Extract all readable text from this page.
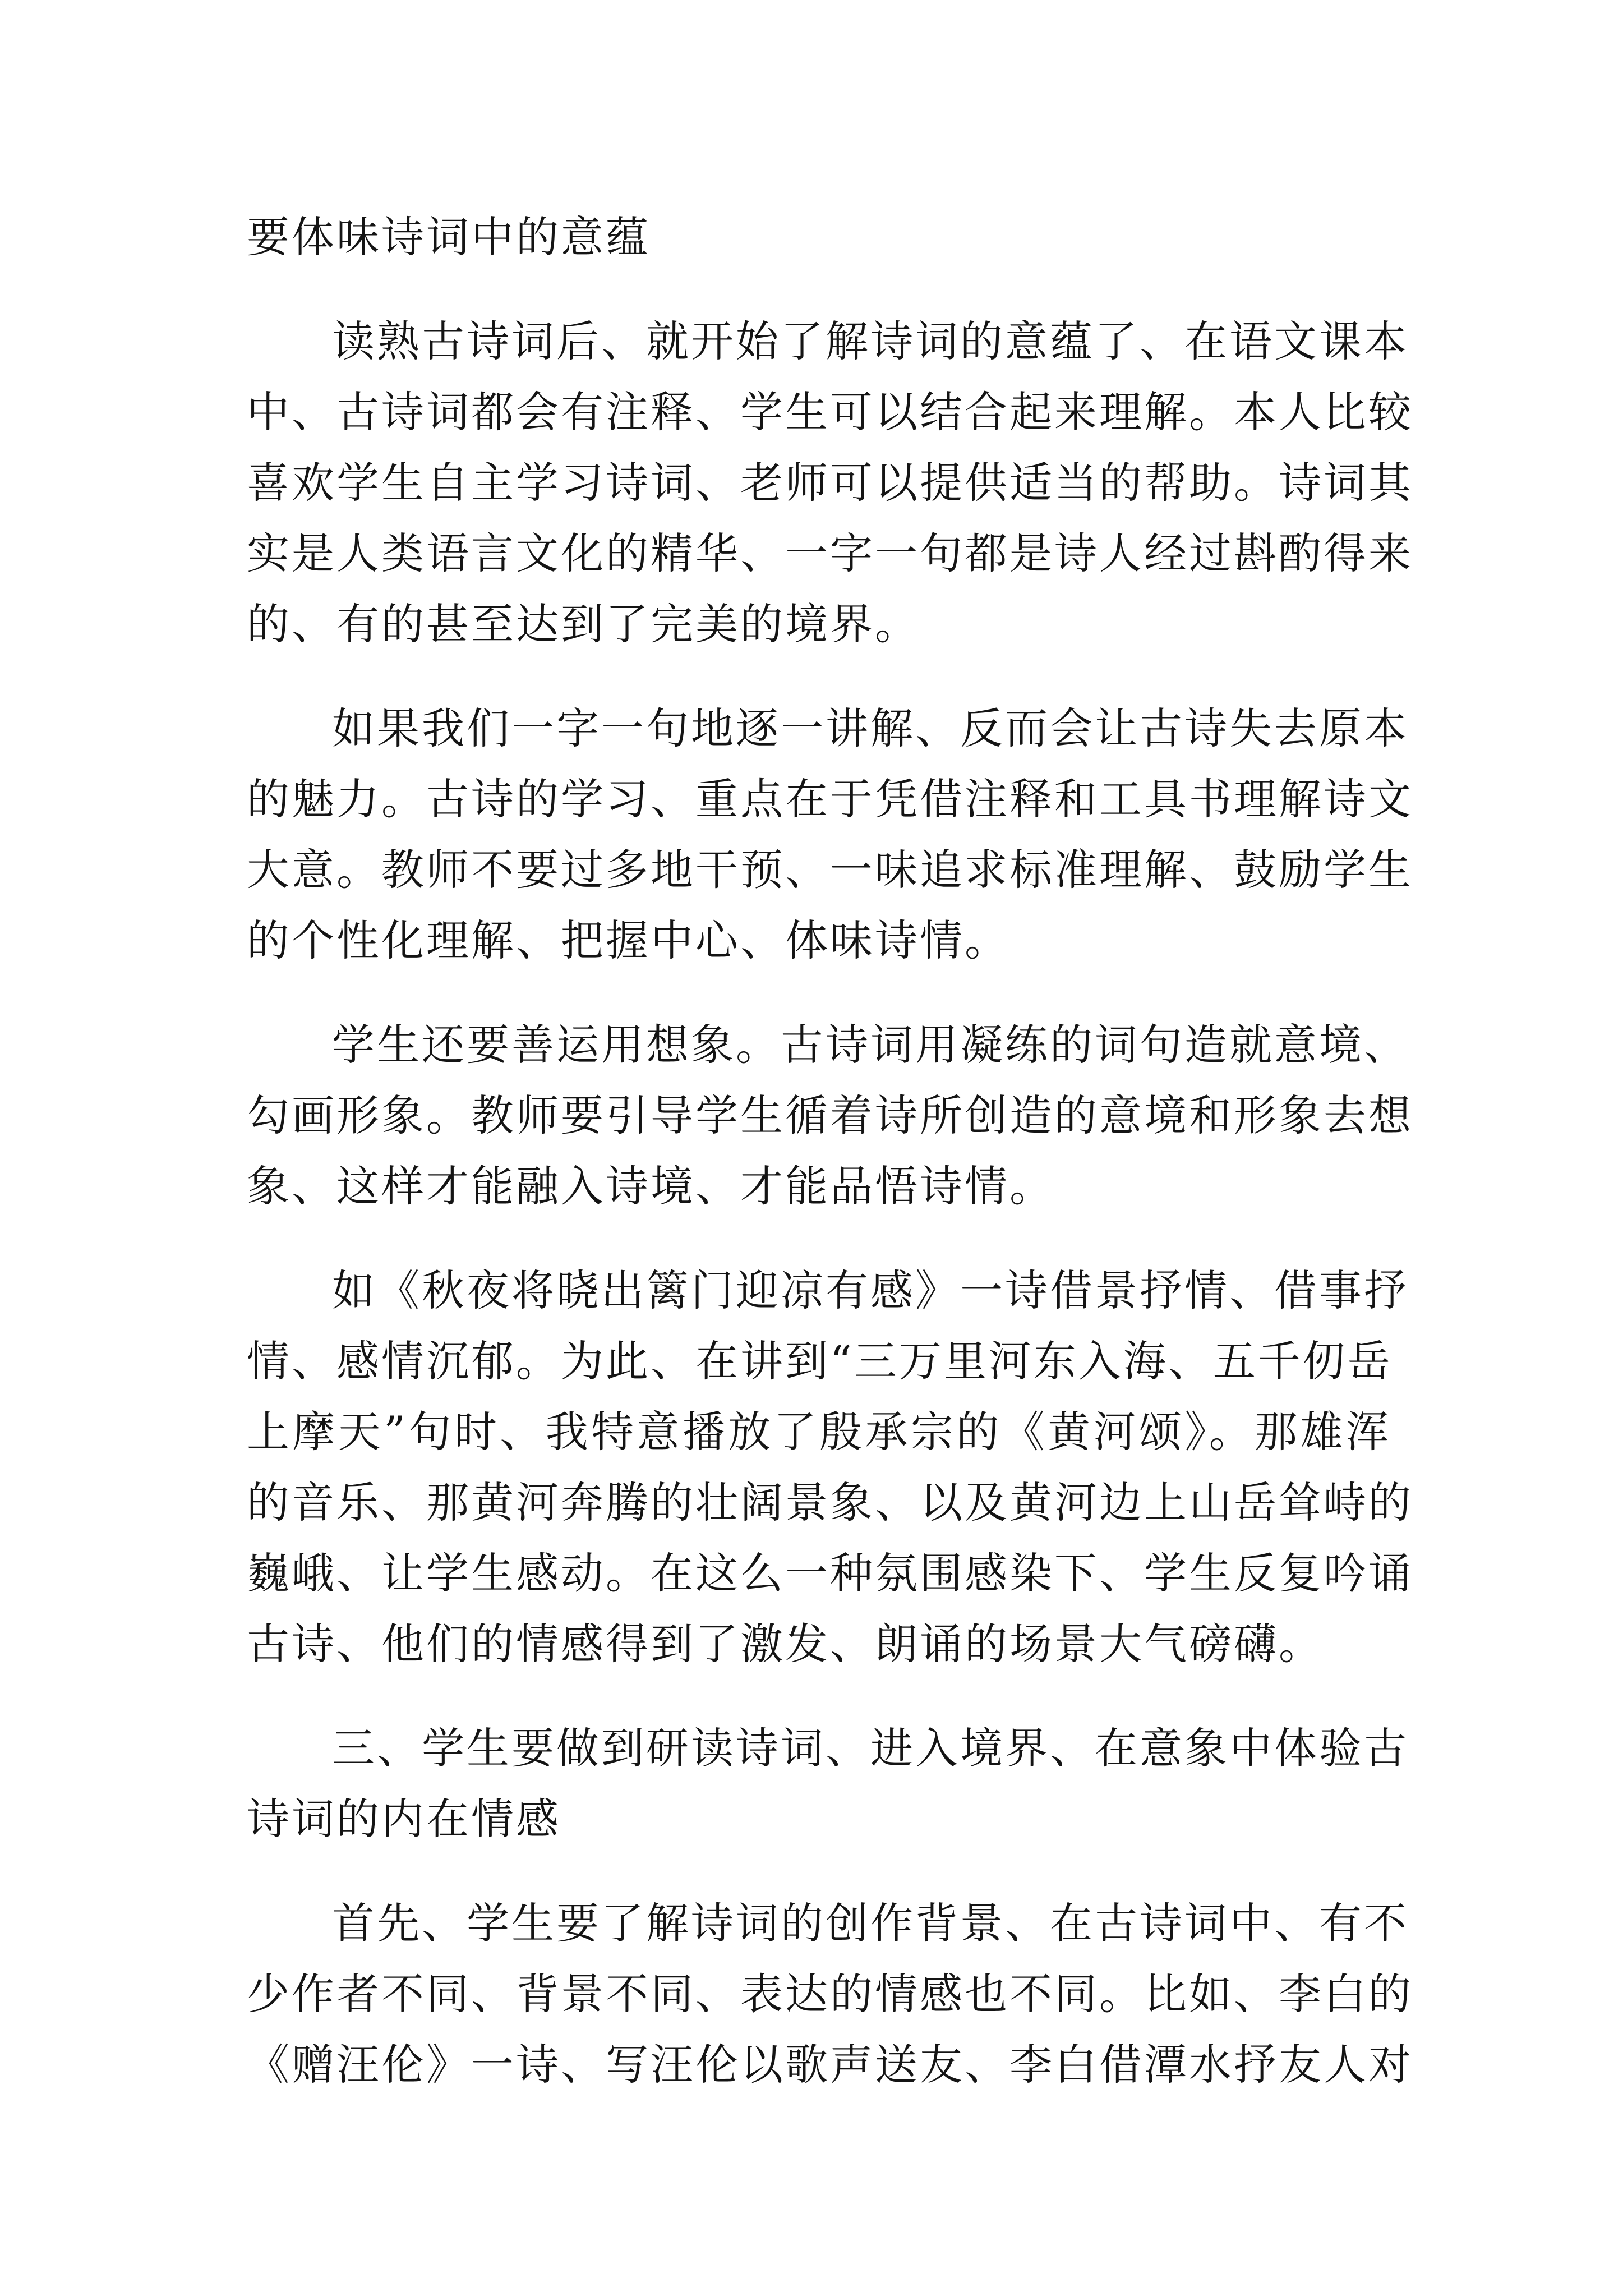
要体味诗词中的意蕴
读熟古诗词后、就开始了解诗词的意蕴了、在语文课本
中、古诗词都会有注释、学生可以结合起来理解。本人比较
喜欢学生自主学习诗词、老师可以提供适当的帮助。诗词其
实是人类语言文化的精华、一字一句都是诗人经过斟酌得来
的、有的甚至达到了完美的境界。
如果我们一字一句地逐一讲解、反而会让古诗失去原本
的魅力。古诗的学习、重点在于凭借注释和工具书理解诗文
大意。教师不要过多地干预、一味追求标准理解、鼓励学生
的个性化理解、把握中心、体味诗情。
学生还要善运用想象。古诗词用凝练的词句造就意境、
勾画形象。教师要引导学生循着诗所创造的意境和形象去想
象、这样才能融入诗境、才能品悟诗情。
如《秋夜将晓出篱门迎凉有感》一诗借景抒情、借事抒
情、感情沉郁。为此、在讲到“三万里河东入海、五千仞岳
上摩天”句时、我特意播放了殷承宗的《黄河颂》。那雄浑
的音乐、那黄河奔腾的壮阔景象、以及黄河边上山岳耸峙的
巍峨、让学生感动。在这么一种氛围感染下、学生反复吟诵
古诗、他们的情感得到了激发、朗诵的场景大气磅礴。
三、学生要做到研读诗词、进入境界、在意象中体验古
诗词的内在情感
首先、学生要了解诗词的创作背景、在古诗词中、有不
少作者不同、背景不同、表达的情感也不同。比如、李白的
《赠汪伦》一诗、写汪伦以歌声送友、李白借潭水抒友人对
